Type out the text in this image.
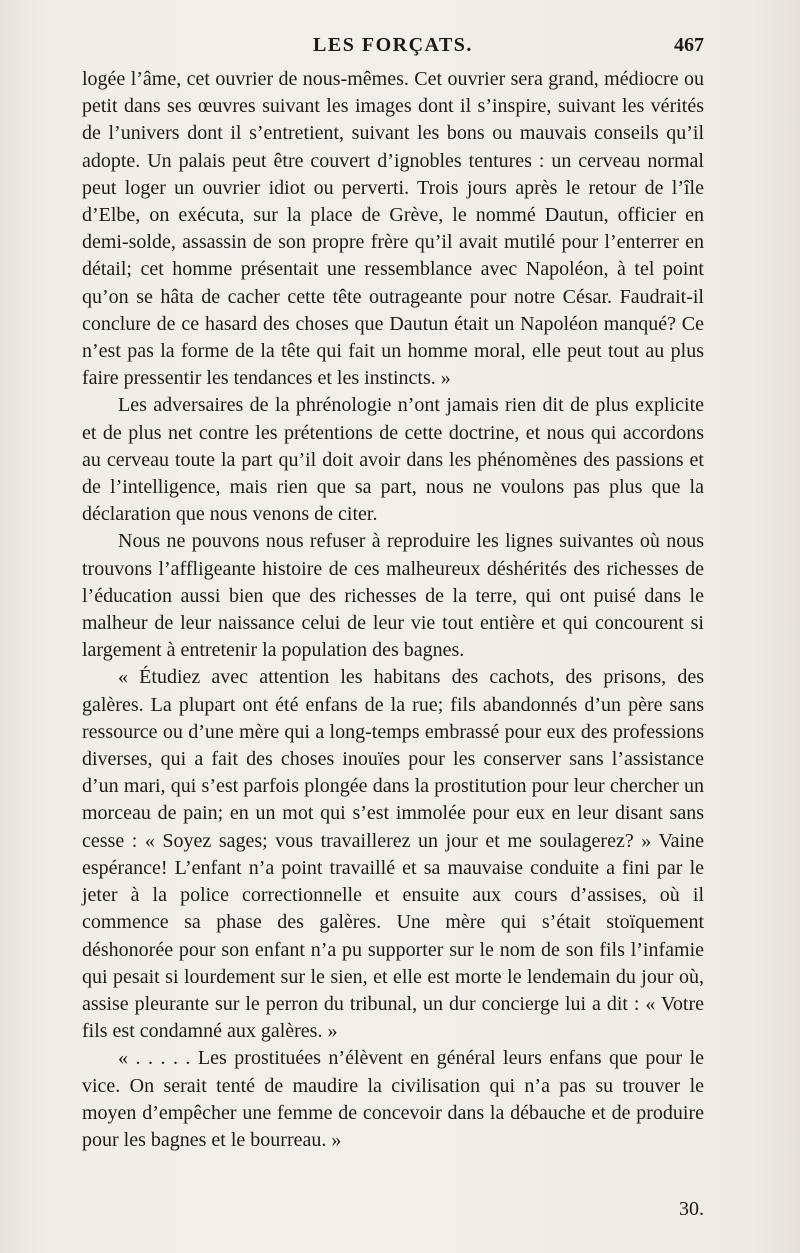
LES FORÇATS.	467

logée l’âme, cet ouvrier de nous-mêmes. Cet ouvrier sera grand, médiocre ou petit dans ses œuvres suivant les images dont il s’inspire, suivant les vérités de l’univers dont il s’entretient, suivant les bons ou mauvais conseils qu’il adopte. Un palais peut être couvert d’ignobles tentures : un cerveau normal peut loger un ouvrier idiot ou perverti. Trois jours après le retour de l’île d’Elbe, on exécuta, sur la place de Grève, le nommé Dautun, officier en demi-solde, assassin de son propre frère qu’il avait mutilé pour l’enterrer en détail; cet homme présentait une ressemblance avec Napoléon, à tel point qu’on se hâta de cacher cette tête outrageante pour notre César. Faudrait-il conclure de ce hasard des choses que Dautun était un Napoléon manqué? Ce n’est pas la forme de la tête qui fait un homme moral, elle peut tout au plus faire pressentir les tendances et les instincts. »

Les adversaires de la phrénologie n’ont jamais rien dit de plus explicite et de plus net contre les prétentions de cette doctrine, et nous qui accordons au cerveau toute la part qu’il doit avoir dans les phénomènes des passions et de l’intelligence, mais rien que sa part, nous ne voulons pas plus que la déclaration que nous venons de citer.

Nous ne pouvons nous refuser à reproduire les lignes suivantes où nous trouvons l’affligeante histoire de ces malheureux déshérités des richesses de l’éducation aussi bien que des richesses de la terre, qui ont puisé dans le malheur de leur naissance celui de leur vie tout entière et qui concourent si largement à entretenir la population des bagnes.

« Étudiez avec attention les habitans des cachots, des prisons, des galères. La plupart ont été enfans de la rue; fils abandonnés d’un père sans ressource ou d’une mère qui a long-temps embrassé pour eux des professions diverses, qui a fait des choses inouïes pour les conserver sans l’assistance d’un mari, qui s’est parfois plongée dans la prostitution pour leur chercher un morceau de pain; en un mot qui s’est immolée pour eux en leur disant sans cesse : « Soyez sages; vous travaillerez un jour et me soulagerez? » Vaine espérance! L’enfant n’a point travaillé et sa mauvaise conduite a fini par le jeter à la police correctionnelle et ensuite aux cours d’assises, où il commence sa phase des galères. Une mère qui s’était stoïquement déshonorée pour son enfant n’a pu supporter sur le nom de son fils l’infamie qui pesait si lourdement sur le sien, et elle est morte le lendemain du jour où, assise pleurante sur le perron du tribunal, un dur concierge lui a dit : « Votre fils est condamné aux galères. »

« . . . . . Les prostituées n’élèvent en général leurs enfans que pour le vice. On serait tenté de maudire la civilisation qui n’a pas su trouver le moyen d’empêcher une femme de concevoir dans la débauche et de produire pour les bagnes et le bourreau. »

30.
